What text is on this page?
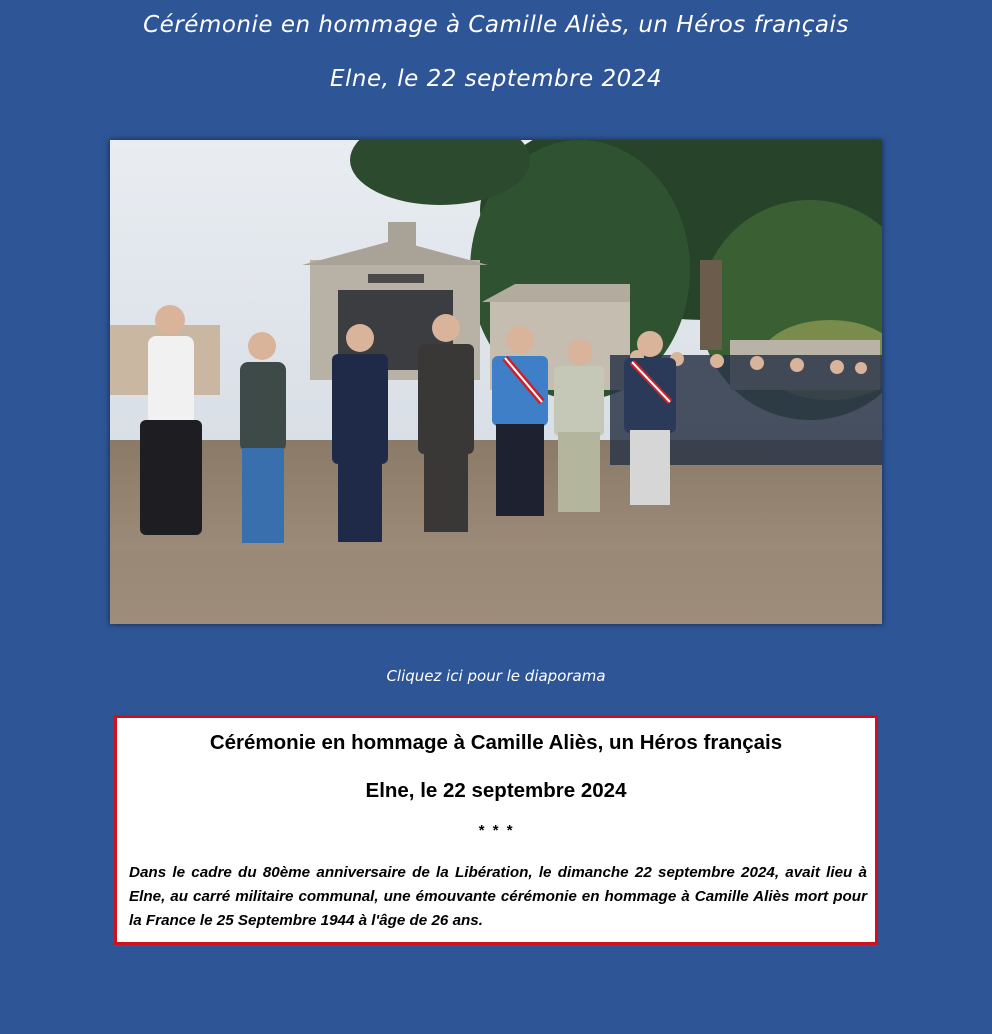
Cérémonie en hommage à Camille Aliès, un Héros français
Elne, le 22 septembre 2024
Cliquez ici pour le diaporama
Cérémonie en hommage à Camille Aliès, un Héros français
Elne, le 22 septembre 2024
* * *

Dans le cadre du 80ème anniversaire de la Libération, le dimanche 22 septembre 2024, avait lieu à Elne, au carré militaire communal, une émouvante cérémonie en hommage à Camille Aliès mort pour la France le 25 Septembre 1944 à l'âge de 26 ans.
